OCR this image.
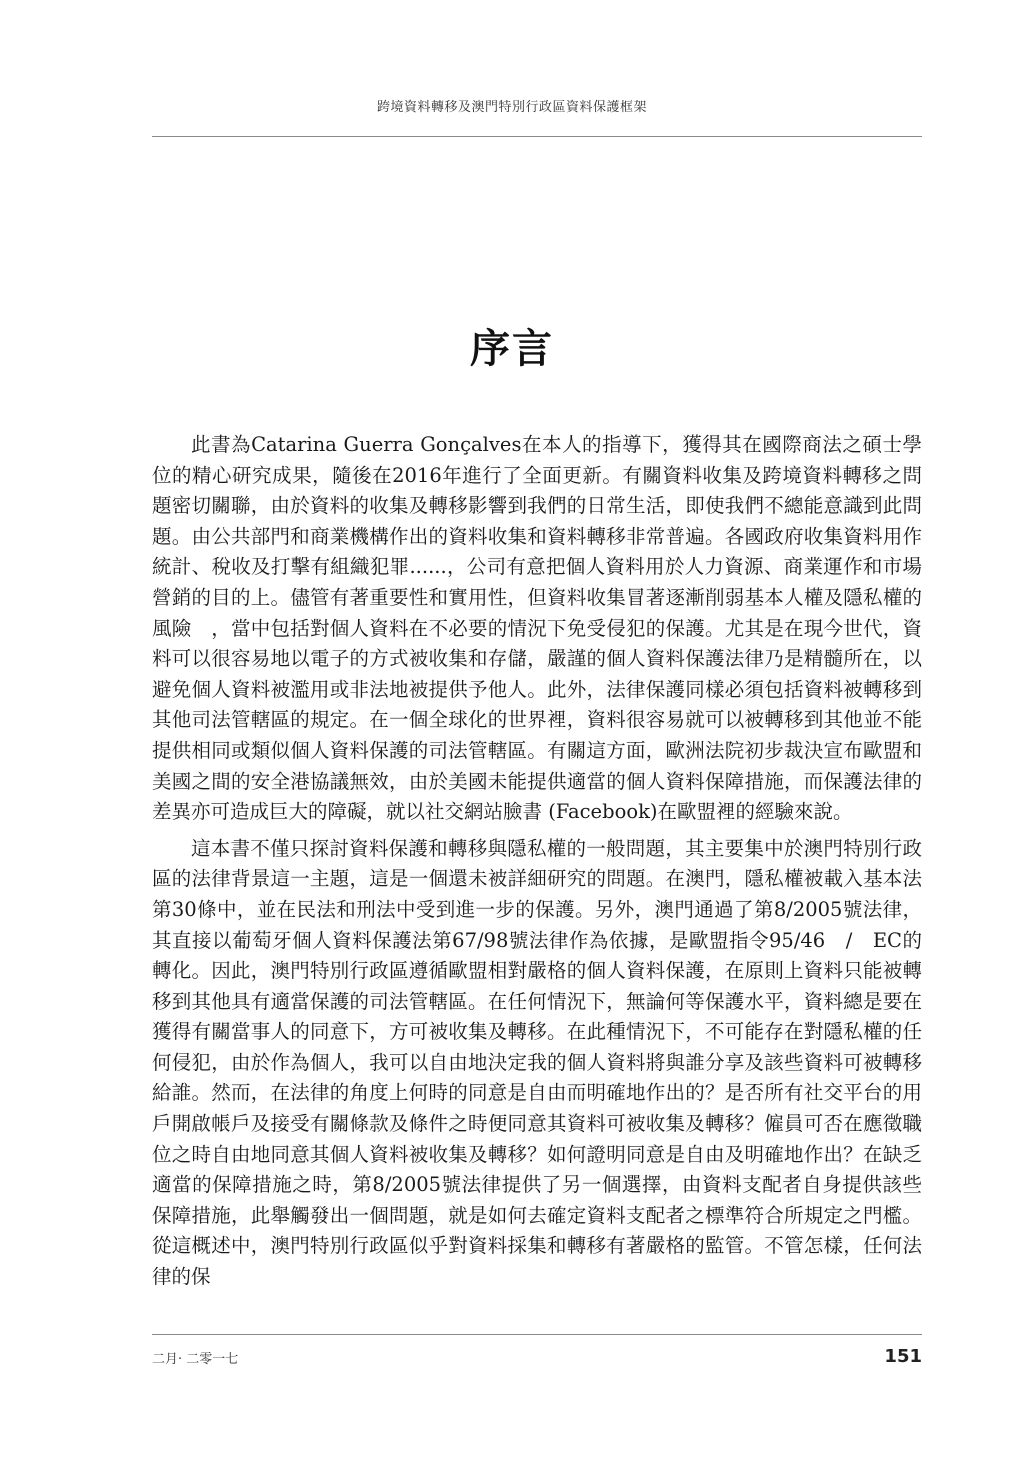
跨境資料轉移及澳門特別行政區資料保護框架
序言

此書為Catarina Guerra Gonçalves在本人的指導下，獲得其在國際商法之碩士學位的精心研究成果，隨後在2016年進行了全面更新。有關資料收集及跨境資料轉移之問題密切關聯，由於資料的收集及轉移影響到我們的日常生活，即使我們不總能意識到此問題。由公共部門和商業機構作出的資料收集和資料轉移非常普遍。各國政府收集資料用作統計、稅收及打擊有組織犯罪......，公司有意把個人資料用於人力資源、商業運作和市場營銷的目的上。儘管有著重要性和實用性，但資料收集冒著逐漸削弱基本人權及隱私權的風險　，當中包括對個人資料在不必要的情況下免受侵犯的保護。尤其是在現今世代，資料可以很容易地以電子的方式被收集和存儲，嚴謹的個人資料保護法律乃是精髓所在，以避免個人資料被濫用或非法地被提供予他人。此外，法律保護同樣必須包括資料被轉移到其他司法管轄區的規定。在一個全球化的世界裡，資料很容易就可以被轉移到其他並不能提供相同或類似個人資料保護的司法管轄區。有關這方面，歐洲法院初步裁決宣布歐盟和美國之間的安全港協議無效，由於美國未能提供適當的個人資料保障措施，而保護法律的差異亦可造成巨大的障礙，就以社交網站臉書 (Facebook)在歐盟裡的經驗來說。

這本書不僅只探討資料保護和轉移與隱私權的一般問題，其主要集中於澳門特別行政區的法律背景這一主題，這是一個還未被詳細研究的問題。在澳門，隱私權被載入基本法第30條中，並在民法和刑法中受到進一步的保護。另外，澳門通過了第8/2005號法律，其直接以葡萄牙個人資料保護法第67/98號法律作為依據，是歐盟指令95/46　/　EC的轉化。因此，澳門特別行政區遵循歐盟相對嚴格的個人資料保護，在原則上資料只能被轉移到其他具有適當保護的司法管轄區。在任何情況下，無論何等保護水平，資料總是要在獲得有關當事人的同意下，方可被收集及轉移。在此種情況下，不可能存在對隱私權的任何侵犯，由於作為個人，我可以自由地決定我的個人資料將與誰分享及該些資料可被轉移給誰。然而，在法律的角度上何時的同意是自由而明確地作出的？是否所有社交平台的用戶開啟帳戶及接受有關條款及條件之時便同意其資料可被收集及轉移？僱員可否在應徵職位之時自由地同意其個人資料被收集及轉移？如何證明同意是自由及明確地作出？在缺乏適當的保障措施之時，第8/2005號法律提供了另一個選擇，由資料支配者自身提供該些保障措施，此舉觸發出一個問題，就是如何去確定資料支配者之標準符合所規定之門檻。從這概述中，澳門特別行政區似乎對資料採集和轉移有著嚴格的監管。不管怎樣，任何法律的保

二月· 二零一七	151
